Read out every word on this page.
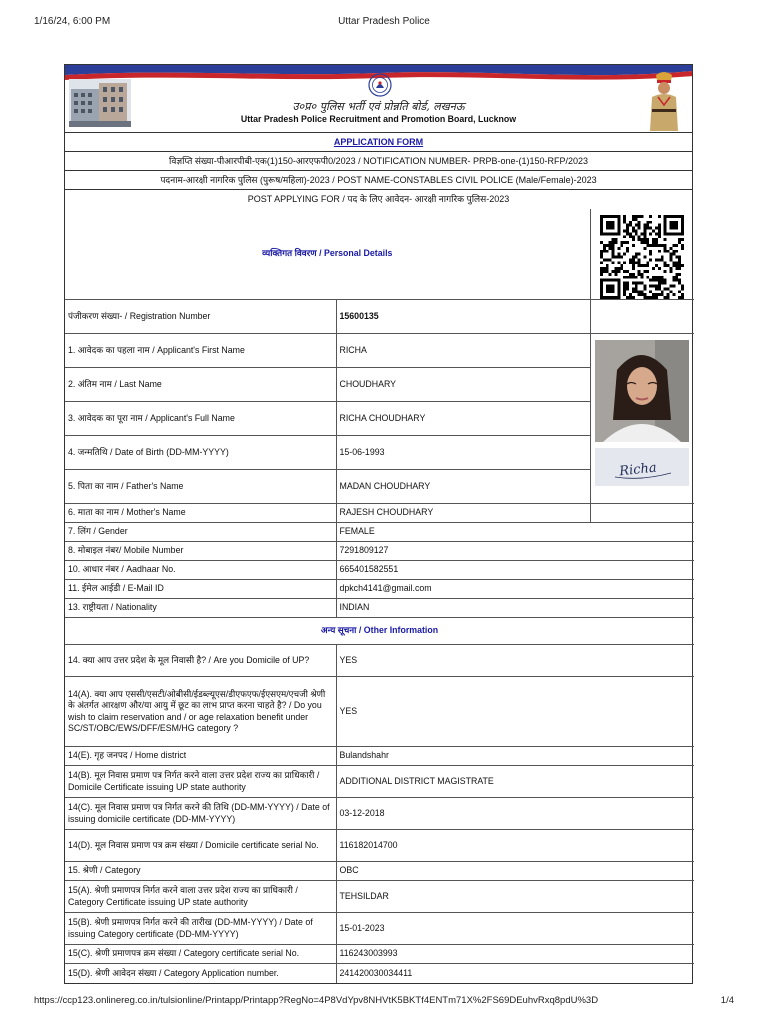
1/16/24, 6:00 PM	Uttar Pradesh Police
उ०प्र० पुलिस भर्ती एवं प्रोन्नति बोर्ड, लखनऊ
Uttar Pradesh Police Recruitment and Promotion Board, Lucknow
APPLICATION FORM
विज्ञप्ति संख्या-पीआरपीबी-एक(1)150-आरएफपी0/2023 / NOTIFICATION NUMBER- PRPB-one-(1)150-RFP/2023
पदनाम-आरक्षी नागरिक पुलिस (पुरूष/महिला)-2023 / POST NAME-CONSTABLES CIVIL POLICE (Male/Female)-2023
POST APPLYING FOR / पद के लिए आवेदन- आरक्षी नागरिक पुलिस-2023
व्यक्तिगत विवरण / Personal Details	

पंजीकरण संख्या- / Registration Number	15600135	
1. आवेदक का पहला नाम / Applicant's First Name	RICHA	Richa

2. अंतिम नाम / Last Name	CHOUDHARY	
3. आवेदक का पूरा नाम / Applicant's Full Name	RICHA CHOUDHARY	
4. जन्मतिथि / Date of Birth (DD-MM-YYYY)	15-06-1993	
5. पिता का नाम / Father's Name	MADAN CHOUDHARY	
6. माता का नाम / Mother's Name	RAJESH CHOUDHARY	
7. लिंग / Gender	FEMALE	
8. मोबाइल नंबर/ Mobile Number	7291809127	
10. आधार नंबर / Aadhaar No.	665401582551	
11. ईमेल आईडी / E-Mail ID	dpkch4141@gmail.com	
13. राष्ट्रीयता / Nationality	INDIAN	
अन्य सूचना / Other Information		
14. क्या आप उत्तर प्रदेश के मूल निवासी है? / Are you Domicile of UP?	YES	
14(A). क्या आप एससी/एसटी/ओबीसी/ईडब्ल्यूएस/डीएफएफ/ईएसएम/एचजी श्रेणी के अंतर्गत आरक्षण और/या आयु में छूट का लाभ प्राप्त करना चाहते है? / Do you wish to claim reservation and / or age relaxation benefit under SC/ST/OBC/EWS/DFF/ESM/HG category ?	YES	
14(E). गृह जनपद / Home district	Bulandshahr	
14(B). मूल निवास प्रमाण पत्र निर्गत करने वाला उत्तर प्रदेश राज्य का प्राधिकारी / Domicile Certificate issuing UP state authority	ADDITIONAL DISTRICT MAGISTRATE	
14(C). मूल निवास प्रमाण पत्र निर्गत करने की तिथि (DD-MM-YYYY) / Date of issuing domicile certificate (DD-MM-YYYY)	03-12-2018	
14(D). मूल निवास प्रमाण पत्र क्रम संख्या / Domicile certificate serial No.	116182014700	
15. श्रेणी / Category	OBC	
15(A). श्रेणी प्रमाणपत्र निर्गत करने वाला उत्तर प्रदेश राज्य का प्राधिकारी / Category Certificate issuing UP state authority	TEHSILDAR	
15(B). श्रेणी प्रमाणपत्र निर्गत करने की तारीख (DD-MM-YYYY) / Date of issuing Category certificate (DD-MM-YYYY)	15-01-2023	
15(C). श्रेणी प्रमाणपत्र क्रम संख्या / Category certificate serial No.	116243003993	
15(D). श्रेणी आवेदन संख्या / Category Application number.	241420030034411	
https://ccp123.onlinereg.co.in/tulsionline/Printapp/Printapp?RegNo=4P8VdYpv8NHVtK5BKTf4ENTm71X%2FS69DEuhvRxq8pdU%3D	1/4
